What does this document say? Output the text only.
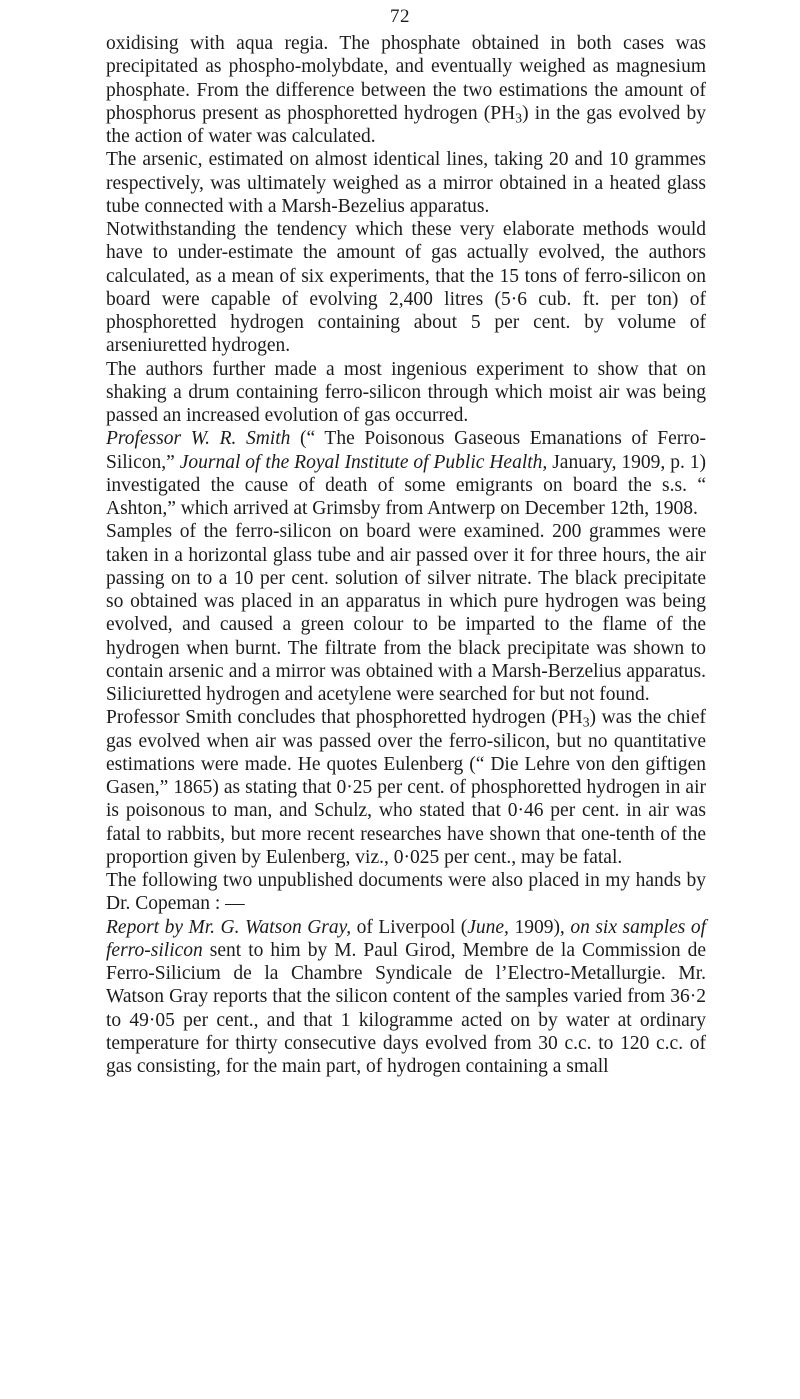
72

oxidising with aqua regia. The phosphate obtained in both cases was precipitated as phospho-molybdate, and eventually weighed as magnesium phosphate. From the difference between the two estimations the amount of phosphorus present as phosphoretted hydrogen $(PH_3)$ in the gas evolved by the action of water was calculated.

The arsenic, estimated on almost identical lines, taking 20 and 10 grammes respectively, was ultimately weighed as a mirror obtained in a heated glass tube connected with a Marsh-Bezelius apparatus.

Notwithstanding the tendency which these very elaborate methods would have to under-estimate the amount of gas actually evolved, the authors calculated, as a mean of six experiments, that the 15 tons of ferro-silicon on board were capable of evolving 2,400 litres (5·6 cub. ft. per ton) of phosphoretted hydrogen containing about 5 per cent. by volume of arseniuretted hydrogen.

The authors further made a most ingenious experiment to show that on shaking a drum containing ferro-silicon through which moist air was being passed an increased evolution of gas occurred.

Professor W. R. Smith (“ The Poisonous Gaseous Emanations of Ferro-Silicon,” Journal of the Royal Institute of Public Health, January, 1909, p. 1) investigated the cause of death of some emigrants on board the s.s. “ Ashton,” which arrived at Grimsby from Antwerp on December 12th, 1908.

Samples of the ferro-silicon on board were examined. 200 grammes were taken in a horizontal glass tube and air passed over it for three hours, the air passing on to a 10 per cent. solution of silver nitrate. The black precipitate so obtained was placed in an apparatus in which pure hydrogen was being evolved, and caused a green colour to be imparted to the flame of the hydrogen when burnt. The filtrate from the black precipitate was shown to contain arsenic and a mirror was obtained with a Marsh-Berzelius apparatus. Siliciuretted hydrogen and acetylene were searched for but not found.

Professor Smith concludes that phosphoretted hydrogen $(PH_3)$ was the chief gas evolved when air was passed over the ferro-silicon, but no quantitative estimations were made. He quotes Eulenberg (“ Die Lehre von den giftigen Gasen,” 1865) as stating that 0·25 per cent. of phosphoretted hydrogen in air is poisonous to man, and Schulz, who stated that 0·46 per cent. in air was fatal to rabbits, but more recent researches have shown that one-tenth of the proportion given by Eulenberg, viz., 0·025 per cent., may be fatal.

The following two unpublished documents were also placed in my hands by Dr. Copeman : —

Report by Mr. G. Watson Gray, of Liverpool (June, 1909), on six samples of ferro-silicon sent to him by M. Paul Girod, Membre de la Commission de Ferro-Silicium de la Chambre Syndicale de l’Electro-Metallurgie. Mr. Watson Gray reports that the silicon content of the samples varied from 36·2 to 49·05 per cent., and that 1 kilogramme acted on by water at ordinary temperature for thirty consecutive days evolved from 30 c.c. to 120 c.c. of gas consisting, for the main part, of hydrogen containing a small
